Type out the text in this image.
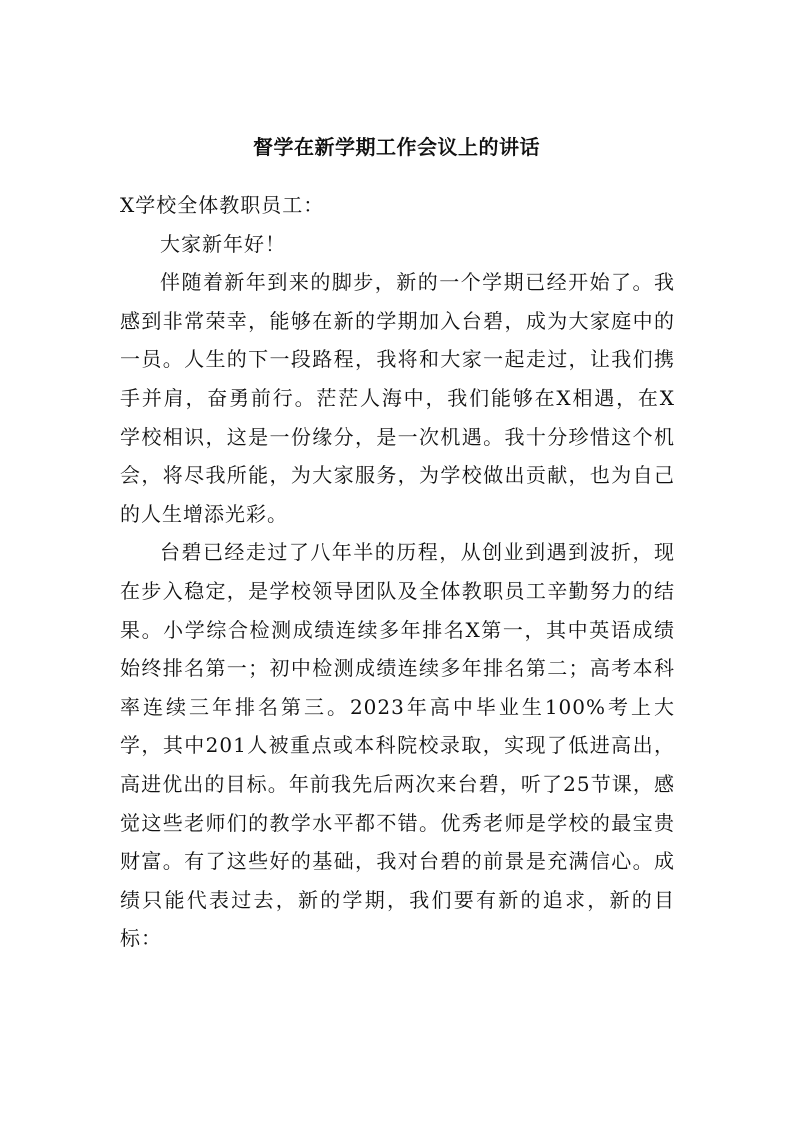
督学在新学期工作会议上的讲话

X学校全体教职员工：

大家新年好！

伴随着新年到来的脚步，新的一个学期已经开始了。我感到非常荣幸，能够在新的学期加入台碧，成为大家庭中的一员。人生的下一段路程，我将和大家一起走过，让我们携手并肩，奋勇前行。茫茫人海中，我们能够在X相遇，在X学校相识，这是一份缘分，是一次机遇。我十分珍惜这个机会，将尽我所能，为大家服务，为学校做出贡献，也为自己的人生增添光彩。

台碧已经走过了八年半的历程，从创业到遇到波折，现在步入稳定，是学校领导团队及全体教职员工辛勤努力的结果。小学综合检测成绩连续多年排名X第一，其中英语成绩始终排名第一；初中检测成绩连续多年排名第二；高考本科率连续三年排名第三。2023年高中毕业生100%考上大学，其中201人被重点或本科院校录取，实现了低进高出，高进优出的目标。年前我先后两次来台碧，听了25节课，感觉这些老师们的教学水平都不错。优秀老师是学校的最宝贵财富。有了这些好的基础，我对台碧的前景是充满信心。成绩只能代表过去，新的学期，我们要有新的追求，新的目标：
